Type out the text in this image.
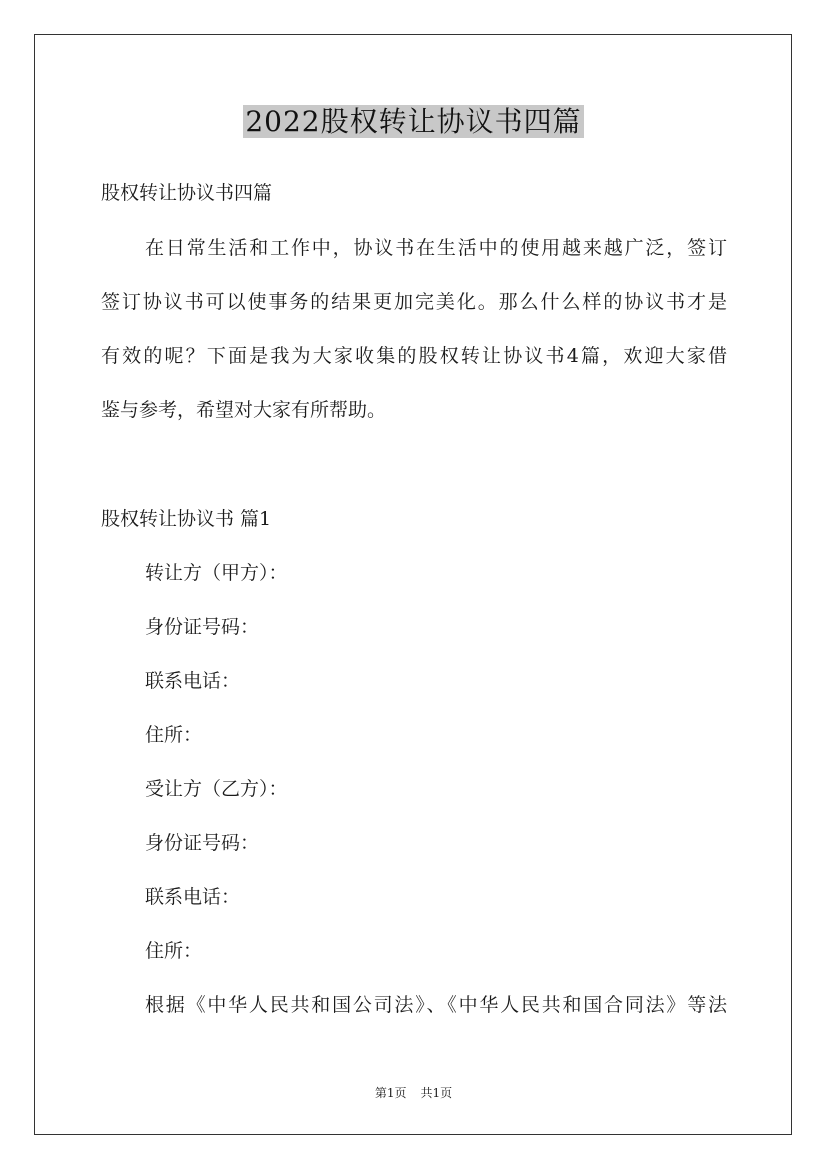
2022股权转让协议书四篇
股权转让协议书四篇
在日常生活和工作中，协议书在生活中的使用越来越广泛，签订
签订协议书可以使事务的结果更加完美化。那么什么样的协议书才是
有效的呢？下面是我为大家收集的股权转让协议书4篇，欢迎大家借
鉴与参考，希望对大家有所帮助。
股权转让协议书 篇1
转让方（甲方）：
身份证号码：
联系电话：
住所：
受让方（乙方）：
身份证号码：
联系电话：
住所：
根据《中华人民共和国公司法》、《中华人民共和国合同法》等法
第1页 共1页
